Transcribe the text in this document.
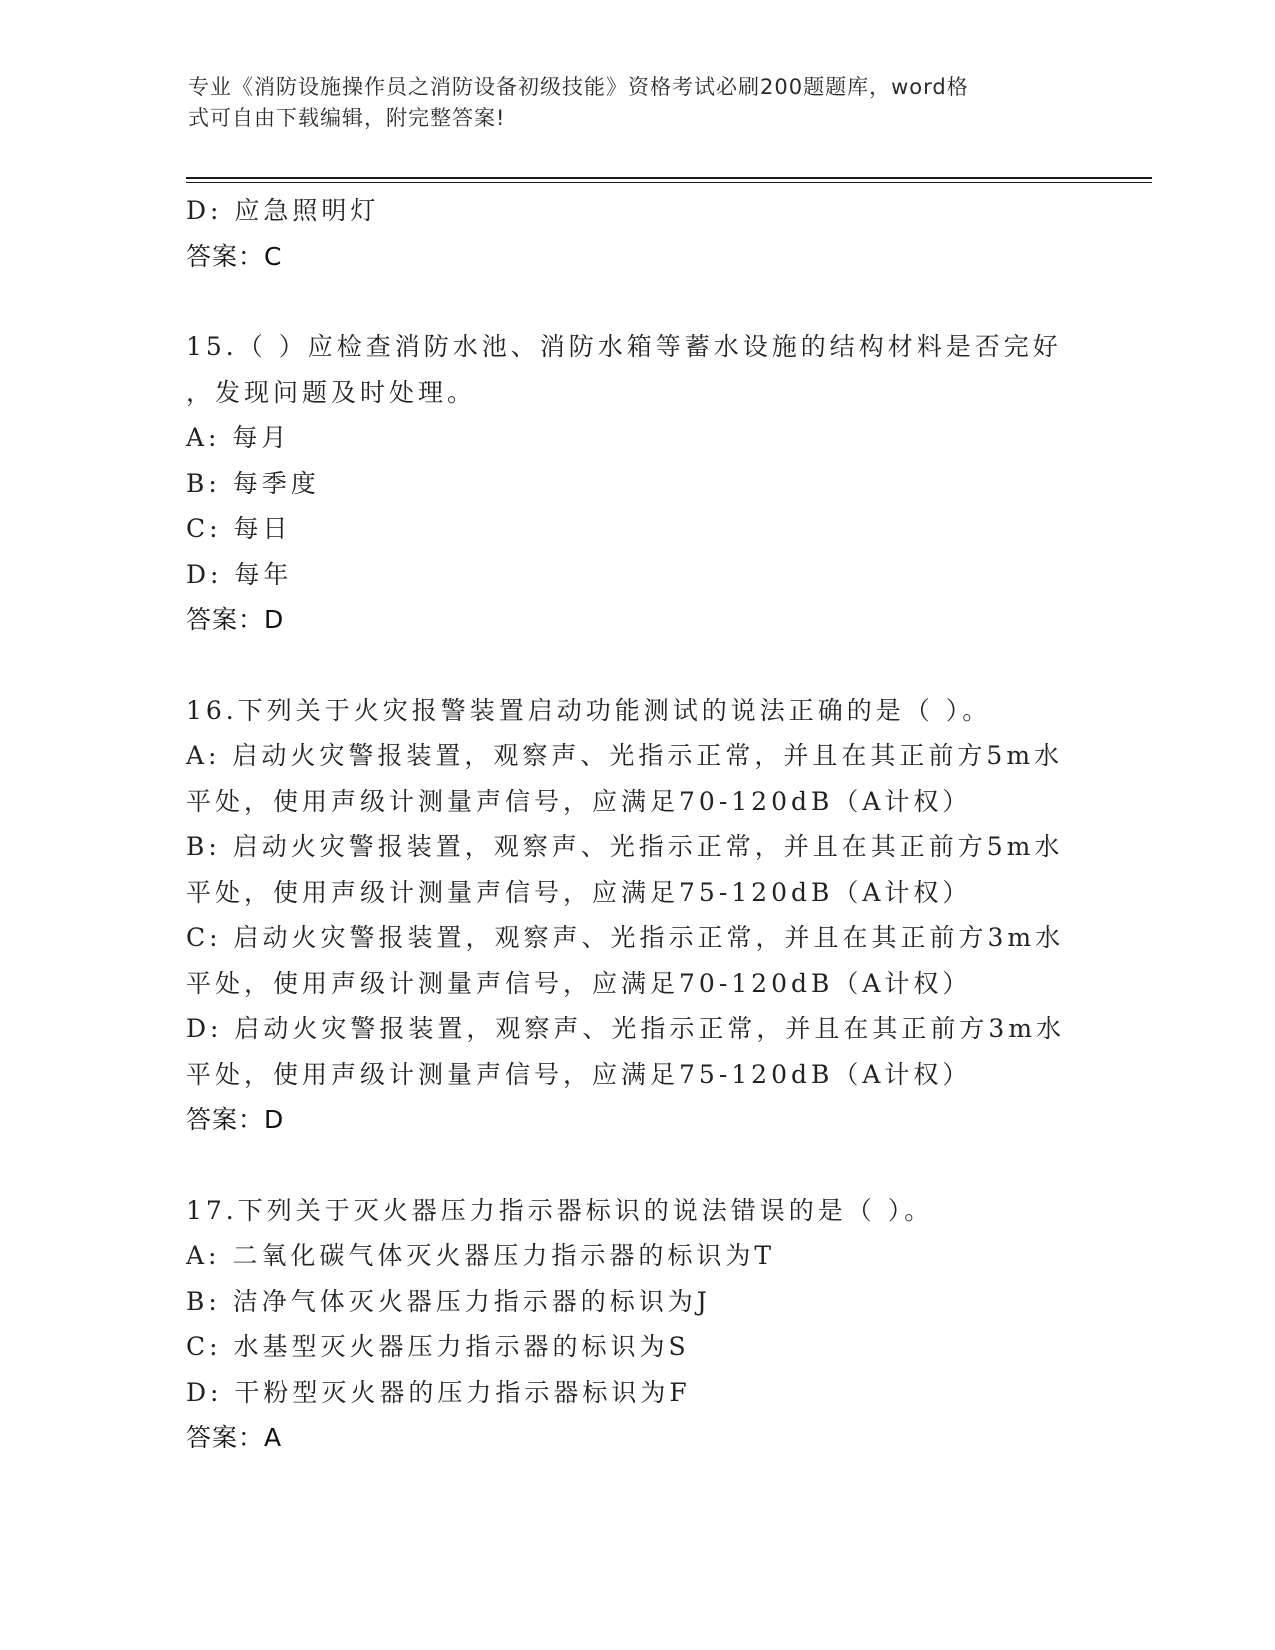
专业《消防设施操作员之消防设备初级技能》资格考试必刷200题题库，word格
式可自由下载编辑，附完整答案!
D: 应急照明灯
答案：C
15.（ ）应检查消防水池、消防水箱等蓄水设施的结构材料是否完好
，发现问题及时处理。
A: 每月
B: 每季度
C: 每日
D: 每年
答案：D
16.下列关于火灾报警装置启动功能测试的说法正确的是（ ）。
A: 启动火灾警报装置，观察声、光指示正常，并且在其正前方5m水
平处，使用声级计测量声信号，应满足70-120dB（A计权）
B: 启动火灾警报装置，观察声、光指示正常，并且在其正前方5m水
平处，使用声级计测量声信号，应满足75-120dB（A计权）
C: 启动火灾警报装置，观察声、光指示正常，并且在其正前方3m水
平处，使用声级计测量声信号，应满足70-120dB（A计权）
D: 启动火灾警报装置，观察声、光指示正常，并且在其正前方3m水
平处，使用声级计测量声信号，应满足75-120dB（A计权）
答案：D
17.下列关于灭火器压力指示器标识的说法错误的是（ ）。
A: 二氧化碳气体灭火器压力指示器的标识为T
B: 洁净气体灭火器压力指示器的标识为J
C: 水基型灭火器压力指示器的标识为S
D: 干粉型灭火器的压力指示器标识为F
答案：A
